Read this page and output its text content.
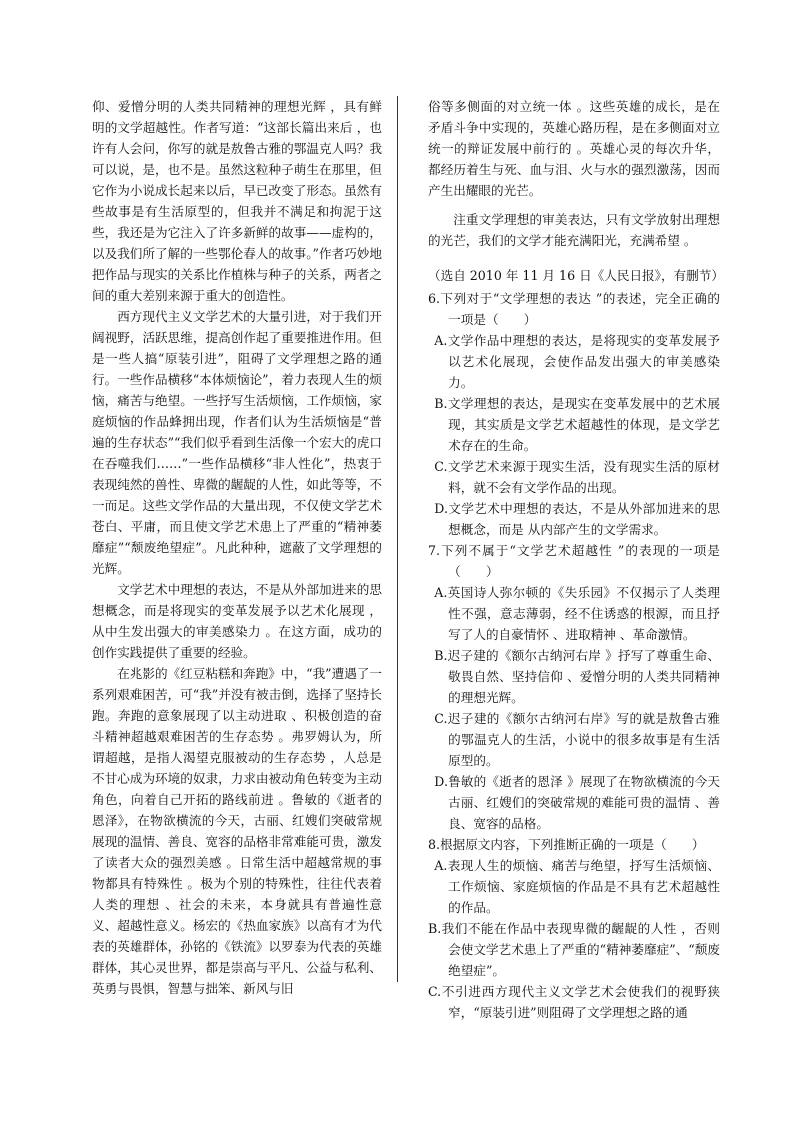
仰、爱憎分明的人类共同精神的理想光辉 ，具有鲜明的文学超越性。作者写道：“这部长篇出来后 ，也许有人会问，你写的就是敖鲁古雅的鄂温克人吗？我可以说，是，也不是。虽然这粒种子萌生在那里，但它作为小说成长起来以后，早已改变了形态。虽然有些故事是有生活原型的，但我并不满足和拘泥于这些，我还是为它注入了许多新鲜的故事——虚构的，以及我们所了解的一些鄂伦春人的故事。”作者巧妙地把作品与现实的关系比作植株与种子的关系，两者之间的重大差别来源于重大的创造性。

西方现代主义文学艺术的大量引进，对于我们开阔视野，活跃思维，提高创作起了重要推进作用。但是一些人搞“原装引进”，阻碍了文学理想之路的通行。一些作品横移“本体烦恼论”，着力表现人生的烦恼，痛苦与绝望。一些抒写生活烦恼，工作烦恼，家庭烦恼的作品蜂拥出现，作者们认为生活烦恼是“普遍的生存状态”“我们似乎看到生活像一个宏大的虎口在吞噬我们……”一些作品横移“非人性化”，热衷于表现纯然的兽性、卑微的龌龊的人性，如此等等，不一而足。这些文学作品的大量出现，不仅使文学艺术苍白、平庸，而且使文学艺术患上了严重的“精神萎靡症”“颓废绝望症”。凡此种种，遮蔽了文学理想的光辉。

文学艺术中理想的表达，不是从外部加进来的思想概念，而是将现实的变革发展予以艺术化展现 ，从中生发出强大的审美感染力 。在这方面，成功的创作实践提供了重要的经验。

在兆影的《红豆粘糕和奔跑》中，“我”遭遇了一系列艰难困苦，可“我”并没有被击倒，选择了坚持长跑。奔跑的意象展现了以主动进取 、积极创造的奋斗精神超越艰难困苦的生存态势 。弗罗姆认为，所谓超越，是指人渴望克服被动的生存态势 ，人总是不甘心成为环境的奴隶，力求由被动角色转变为主动角色，向着自己开拓的路线前进 。鲁敏的《逝者的恩泽》，在物欲横流的今天，古丽、红嫂们突破常规展现的温情、善良、宽容的品格非常难能可贵，激发了读者大众的强烈美感 。日常生活中超越常规的事物都具有特殊性 。极为个别的特殊性，往往代表着人类的理想 、社会的未来，本身就具有普遍性意义、超越性意义。杨宏的《热血家族》以高有才为代表的英雄群体，孙铭的《铁流》以罗泰为代表的英雄群体，其心灵世界，都是崇高与平凡、公益与私利、英勇与畏惧，智慧与拙笨、新风与旧

俗等多侧面的对立统一体 。这些英雄的成长，是在矛盾斗争中实现的，英雄心路历程，是在多侧面对立统一的辩证发展中前行的 。英雄心灵的每次升华，都经历着生与死、血与泪、火与水的强烈激荡，因而产生出耀眼的光芒。

注重文学理想的审美表达，只有文学放射出理想的光芒，我们的文学才能充满阳光，充满希望 。

（选自 2010 年 11 月 16 日《人民日报》，有删节）

6.下列对于“文学理想的表达 ”的表述，完全正确的一项是（　　）

A.文学作品中理想的表达，是将现实的变革发展予以艺术化展现，会使作品发出强大的审美感染力。

B.文学理想的表达，是现实在变革发展中的艺术展现，其实质是文学艺术超越性的体现，是文学艺术存在的生命。

C.文学艺术来源于现实生活，没有现实生活的原材料，就不会有文学作品的出现。

D.文学艺术中理想的表达，不是从外部加进来的思想概念，而是 从内部产生的文学需求。

7.下列不属于“文学艺术超越性 ”的表现的一项是（　　）

A.英国诗人弥尔顿的《失乐园》不仅揭示了人类理性不强，意志薄弱，经不住诱惑的根源，而且抒写了人的自豪情怀 、进取精神 、革命激情。

B.迟子建的《额尔古纳河右岸 》抒写了尊重生命、敬畏自然、坚持信仰 、爱憎分明的人类共同精神的理想光辉。

C.迟子建的《额尔古纳河右岸》写的就是敖鲁古雅的鄂温克人的生活，小说中的很多故事是有生活原型的。

D.鲁敏的《逝者的恩泽 》展现了在物欲横流的今天古丽、红嫂们的突破常规的难能可贵的温情 、善良、宽容的品格。

8.根据原文内容，下列推断正确的一项是（　　）

A.表现人生的烦恼、痛苦与绝望，抒写生活烦恼、工作烦恼、家庭烦恼的作品是不具有艺术超越性的作品。

B.我们不能在作品中表现卑微的龌龊的人性 ，否则会使文学艺术患上了严重的“精神萎靡症”、“颓废绝望症”。

C.不引进西方现代主义文学艺术会使我们的视野狭窄，“原装引进”则阻碍了文学理想之路的通
